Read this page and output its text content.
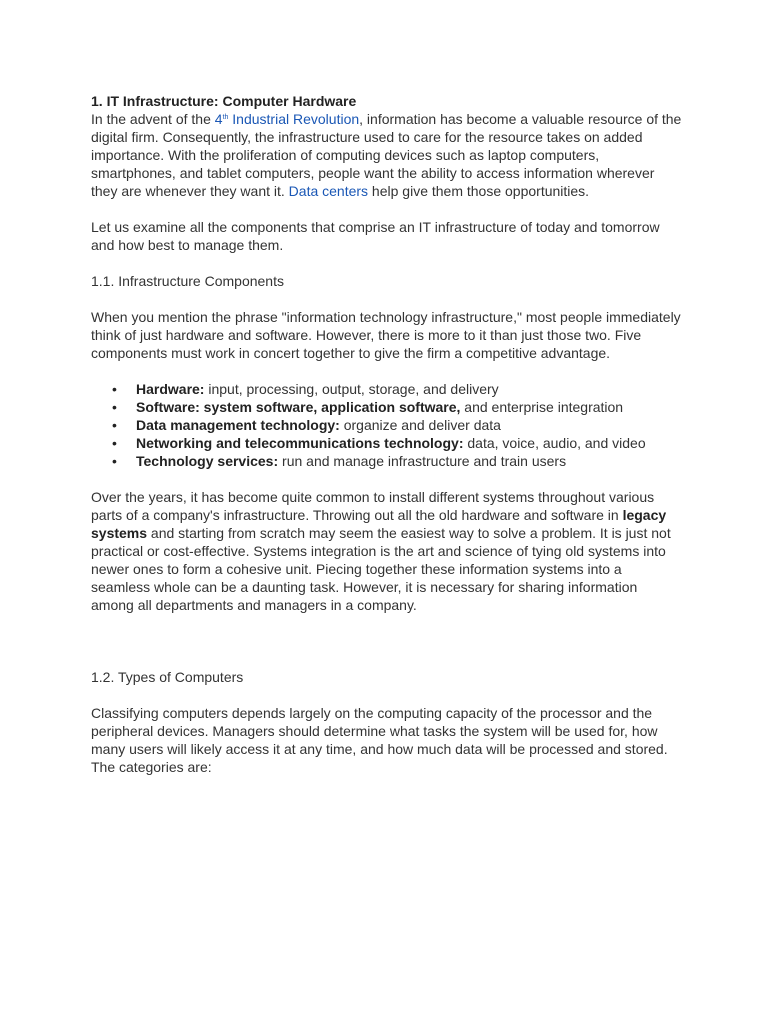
1. IT Infrastructure: Computer Hardware

In the advent of the 4th Industrial Revolution, information has become a valuable resource of the digital firm. Consequently, the infrastructure used to care for the resource takes on added importance. With the proliferation of computing devices such as laptop computers, smartphones, and tablet computers, people want the ability to access information wherever they are whenever they want it. Data centers help give them those opportunities.

Let us examine all the components that comprise an IT infrastructure of today and tomorrow and how best to manage them.

1.1. Infrastructure Components

When you mention the phrase "information technology infrastructure," most people immediately think of just hardware and software. However, there is more to it than just those two. Five components must work in concert together to give the firm a competitive advantage.

• Hardware: input, processing, output, storage, and delivery
• Software: system software, application software, and enterprise integration
• Data management technology: organize and deliver data
• Networking and telecommunications technology: data, voice, audio, and video
• Technology services: run and manage infrastructure and train users

Over the years, it has become quite common to install different systems throughout various parts of a company's infrastructure. Throwing out all the old hardware and software in legacy systems and starting from scratch may seem the easiest way to solve a problem. It is just not practical or cost-effective. Systems integration is the art and science of tying old systems into newer ones to form a cohesive unit. Piecing together these information systems into a seamless whole can be a daunting task. However, it is necessary for sharing information among all departments and managers in a company.

1.2. Types of Computers

Classifying computers depends largely on the computing capacity of the processor and the peripheral devices. Managers should determine what tasks the system will be used for, how many users will likely access it at any time, and how much data will be processed and stored. The categories are:
